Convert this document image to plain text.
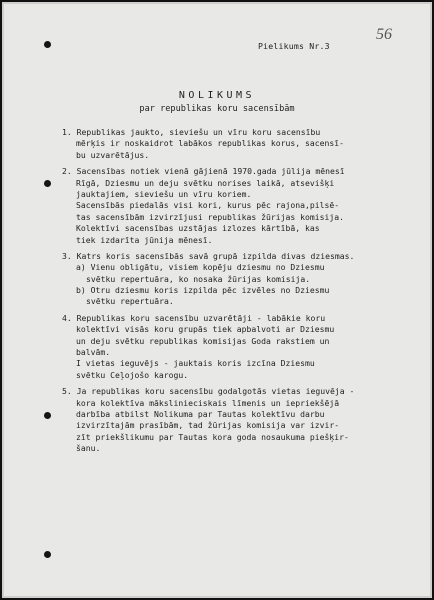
56
Pielikums Nr.3
NOLIKUMS
par republikas koru sacensībām
1. Republikas jaukto, sieviešu un vīru koru sacensību
mērķis ir noskaidrot labākos republikas korus, sacensī-
bu uzvarētājus.
2. Sacensības notiek vienā gājienā 1970.gada jūlija mēnesī
Rīgā, Dziesmu un deju svētku norises laikā, atsevišķi
jauktajiem, sieviešu un vīru koriem.
Sacensībās piedalās visi kori, kurus pēc rajona,pilsē-
tas sacensībām izvirzījusi republikas žūrijas komisija.
Kolektīvi sacensības uzstājas izlozes kārtībā, kas
tiek izdarīta jūnija mēnesī.
3. Katrs koris sacensībās savā grupā izpilda divas dziesmas.
a) Vienu obligātu, visiem kopēju dziesmu no Dziesmu
svētku repertuāra, ko nosaka žūrijas komisija.
b) Otru dziesmu koris izpilda pēc izvēles no Dziesmu
svētku repertuāra.
4. Republikas koru sacensību uzvarētāji - labākie koru
kolektīvi visās koru grupās tiek apbalvoti ar Dziesmu
un deju svētku republikas komisijas Goda rakstiem un
balvām.
I vietas ieguvējs - jauktais koris izcīna Dziesmu
svētku Ceļojošo karogu.
5. Ja republikas koru sacensību godalgotās vietas ieguvēja -
kora kolektīva mākslinieciskais līmenis un iepriekšējā
darbība atbilst Nolikuma par Tautas kolektīvu darbu
izvirzītajām prasībām, tad žūrijas komisija var izvir-
zīt priekšlikumu par Tautas kora goda nosaukuma piešķir-
šanu.
